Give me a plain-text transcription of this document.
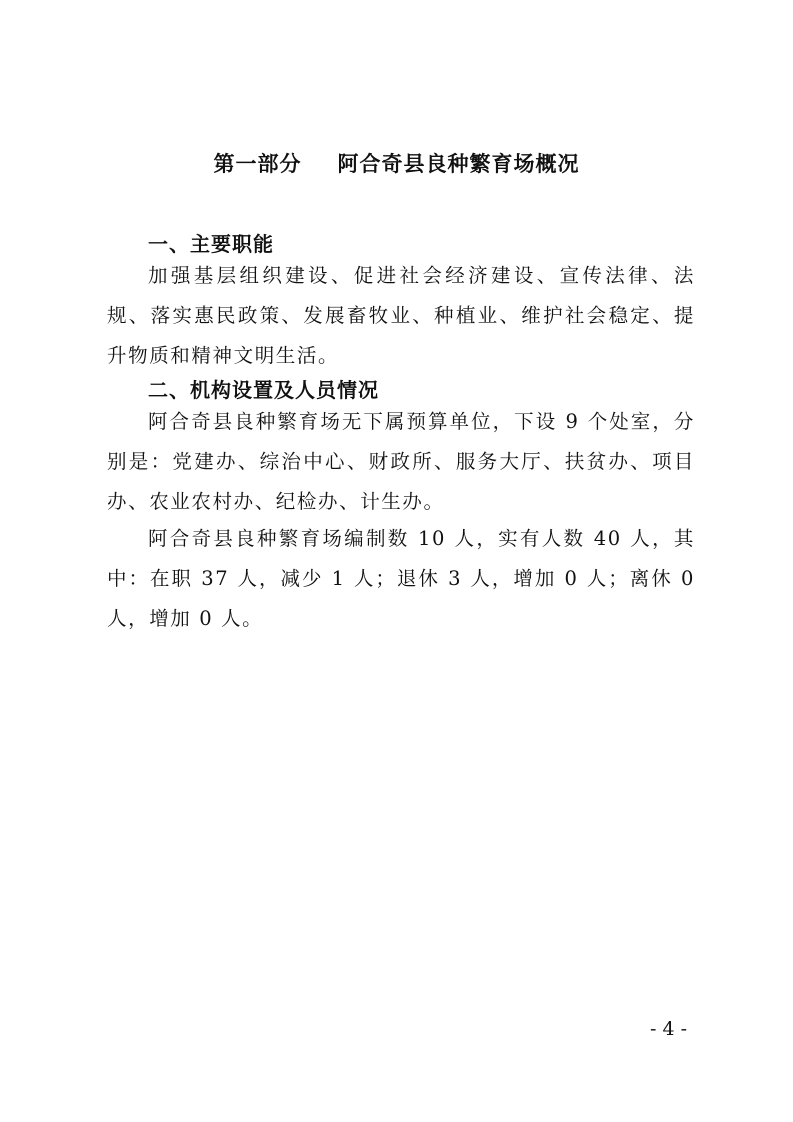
第一部分 阿合奇县良种繁育场概况
一、主要职能
加强基层组织建设、促进社会经济建设、宣传法律、法规、落实惠民政策、发展畜牧业、种植业、维护社会稳定、提升物质和精神文明生活。
二、机构设置及人员情况
阿合奇县良种繁育场无下属预算单位，下设 9 个处室，分别是：党建办、综治中心、财政所、服务大厅、扶贫办、项目办、农业农村办、纪检办、计生办。
阿合奇县良种繁育场编制数 10 人，实有人数 40 人，其中：在职 37 人，减少 1 人；退休 3 人，增加 0 人；离休 0 人，增加 0 人。
- 4 -
